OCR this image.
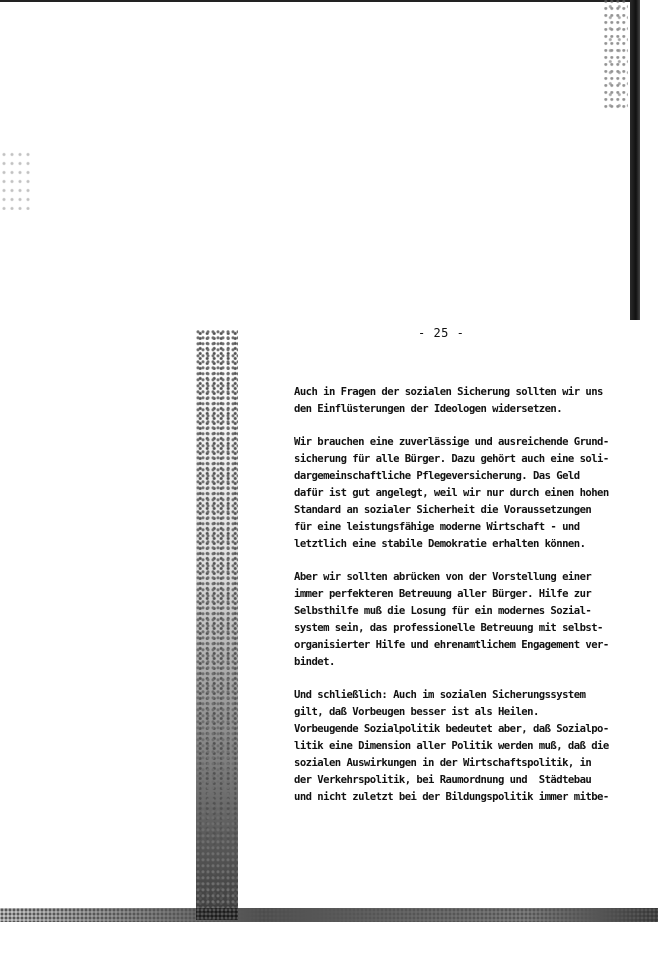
- 25 -
Auch in Fragen der sozialen Sicherung sollten wir uns
den Einflüsterungen der Ideologen widersetzen.
Wir brauchen eine zuverlässige und ausreichende Grund-
sicherung für alle Bürger. Dazu gehört auch eine soli-
dargemeinschaftliche Pflegeversicherung. Das Geld
dafür ist gut angelegt, weil wir nur durch einen hohen
Standard an sozialer Sicherheit die Voraussetzungen
für eine leistungsfähige moderne Wirtschaft - und
letztlich eine stabile Demokratie erhalten können.
Aber wir sollten abrücken von der Vorstellung einer
immer perfekteren Betreuung aller Bürger. Hilfe zur
Selbsthilfe muß die Losung für ein modernes Sozial-
system sein, das professionelle Betreuung mit selbst-
organisierter Hilfe und ehrenamtlichem Engagement ver-
bindet.
Und schließlich: Auch im sozialen Sicherungssystem
gilt, daß Vorbeugen besser ist als Heilen.
Vorbeugende Sozialpolitik bedeutet aber, daß Sozialpo-
litik eine Dimension aller Politik werden muß, daß die
sozialen Auswirkungen in der Wirtschaftspolitik, in
der Verkehrspolitik, bei Raumordnung und  Städtebau
und nicht zuletzt bei der Bildungspolitik immer mitbe-
